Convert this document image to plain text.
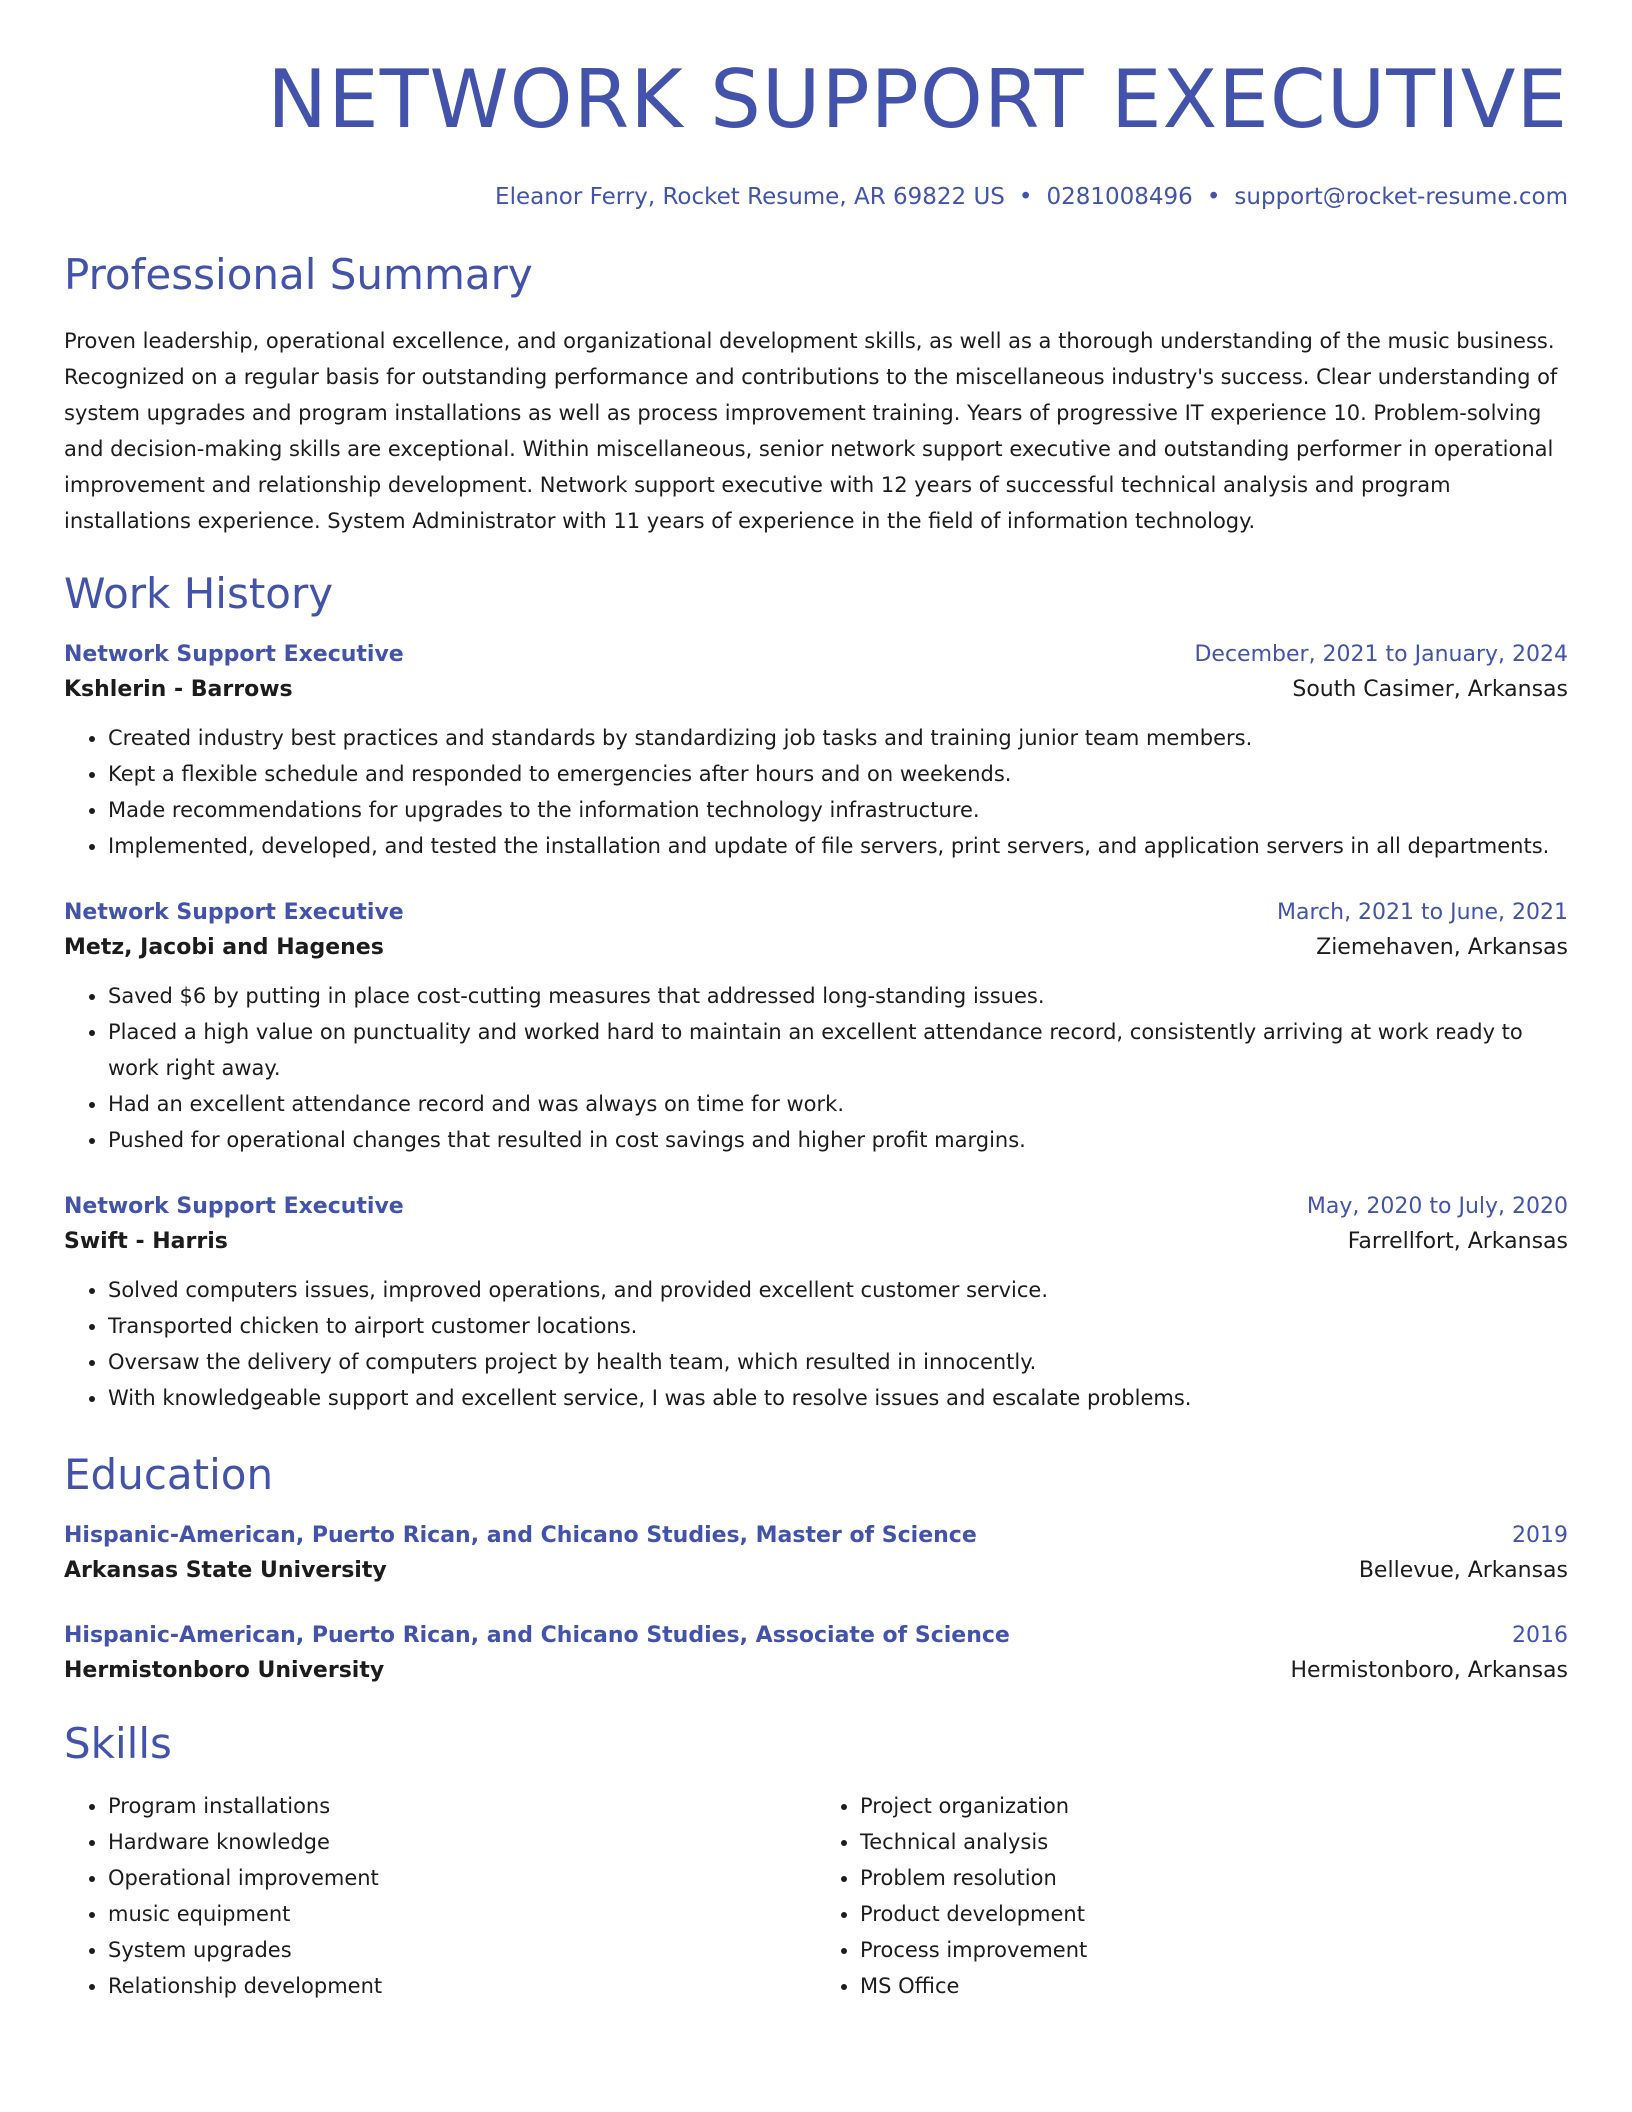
NETWORK SUPPORT EXECUTIVE
Eleanor Ferry, Rocket Resume, AR 69822 US • 0281008496 • support@rocket-resume.com
Professional Summary
Proven leadership, operational excellence, and organizational development skills, as well as a thorough understanding of the music business. Recognized on a regular basis for outstanding performance and contributions to the miscellaneous industry's success. Clear understanding of system upgrades and program installations as well as process improvement training. Years of progressive IT experience 10. Problem-solving and decision-making skills are exceptional. Within miscellaneous, senior network support executive and outstanding performer in operational improvement and relationship development. Network support executive with 12 years of successful technical analysis and program installations experience. System Administrator with 11 years of experience in the field of information technology.
Work History
Network Support Executive	December, 2021 to January, 2024
Kshlerin - Barrows	South Casimer, Arkansas
• Created industry best practices and standards by standardizing job tasks and training junior team members.
• Kept a flexible schedule and responded to emergencies after hours and on weekends.
• Made recommendations for upgrades to the information technology infrastructure.
• Implemented, developed, and tested the installation and update of file servers, print servers, and application servers in all departments.
Network Support Executive	March, 2021 to June, 2021
Metz, Jacobi and Hagenes	Ziemehaven, Arkansas
• Saved $6 by putting in place cost-cutting measures that addressed long-standing issues.
• Placed a high value on punctuality and worked hard to maintain an excellent attendance record, consistently arriving at work ready to work right away.
• Had an excellent attendance record and was always on time for work.
• Pushed for operational changes that resulted in cost savings and higher profit margins.
Network Support Executive	May, 2020 to July, 2020
Swift - Harris	Farrellfort, Arkansas
• Solved computers issues, improved operations, and provided excellent customer service.
• Transported chicken to airport customer locations.
• Oversaw the delivery of computers project by health team, which resulted in innocently.
• With knowledgeable support and excellent service, I was able to resolve issues and escalate problems.
Education
Hispanic-American, Puerto Rican, and Chicano Studies, Master of Science	2019
Arkansas State University	Bellevue, Arkansas
Hispanic-American, Puerto Rican, and Chicano Studies, Associate of Science	2016
Hermistonboro University	Hermistonboro, Arkansas
Skills
• Program installations
• Hardware knowledge
• Operational improvement
• music equipment
• System upgrades
• Relationship development
• Project organization
• Technical analysis
• Problem resolution
• Product development
• Process improvement
• MS Office
